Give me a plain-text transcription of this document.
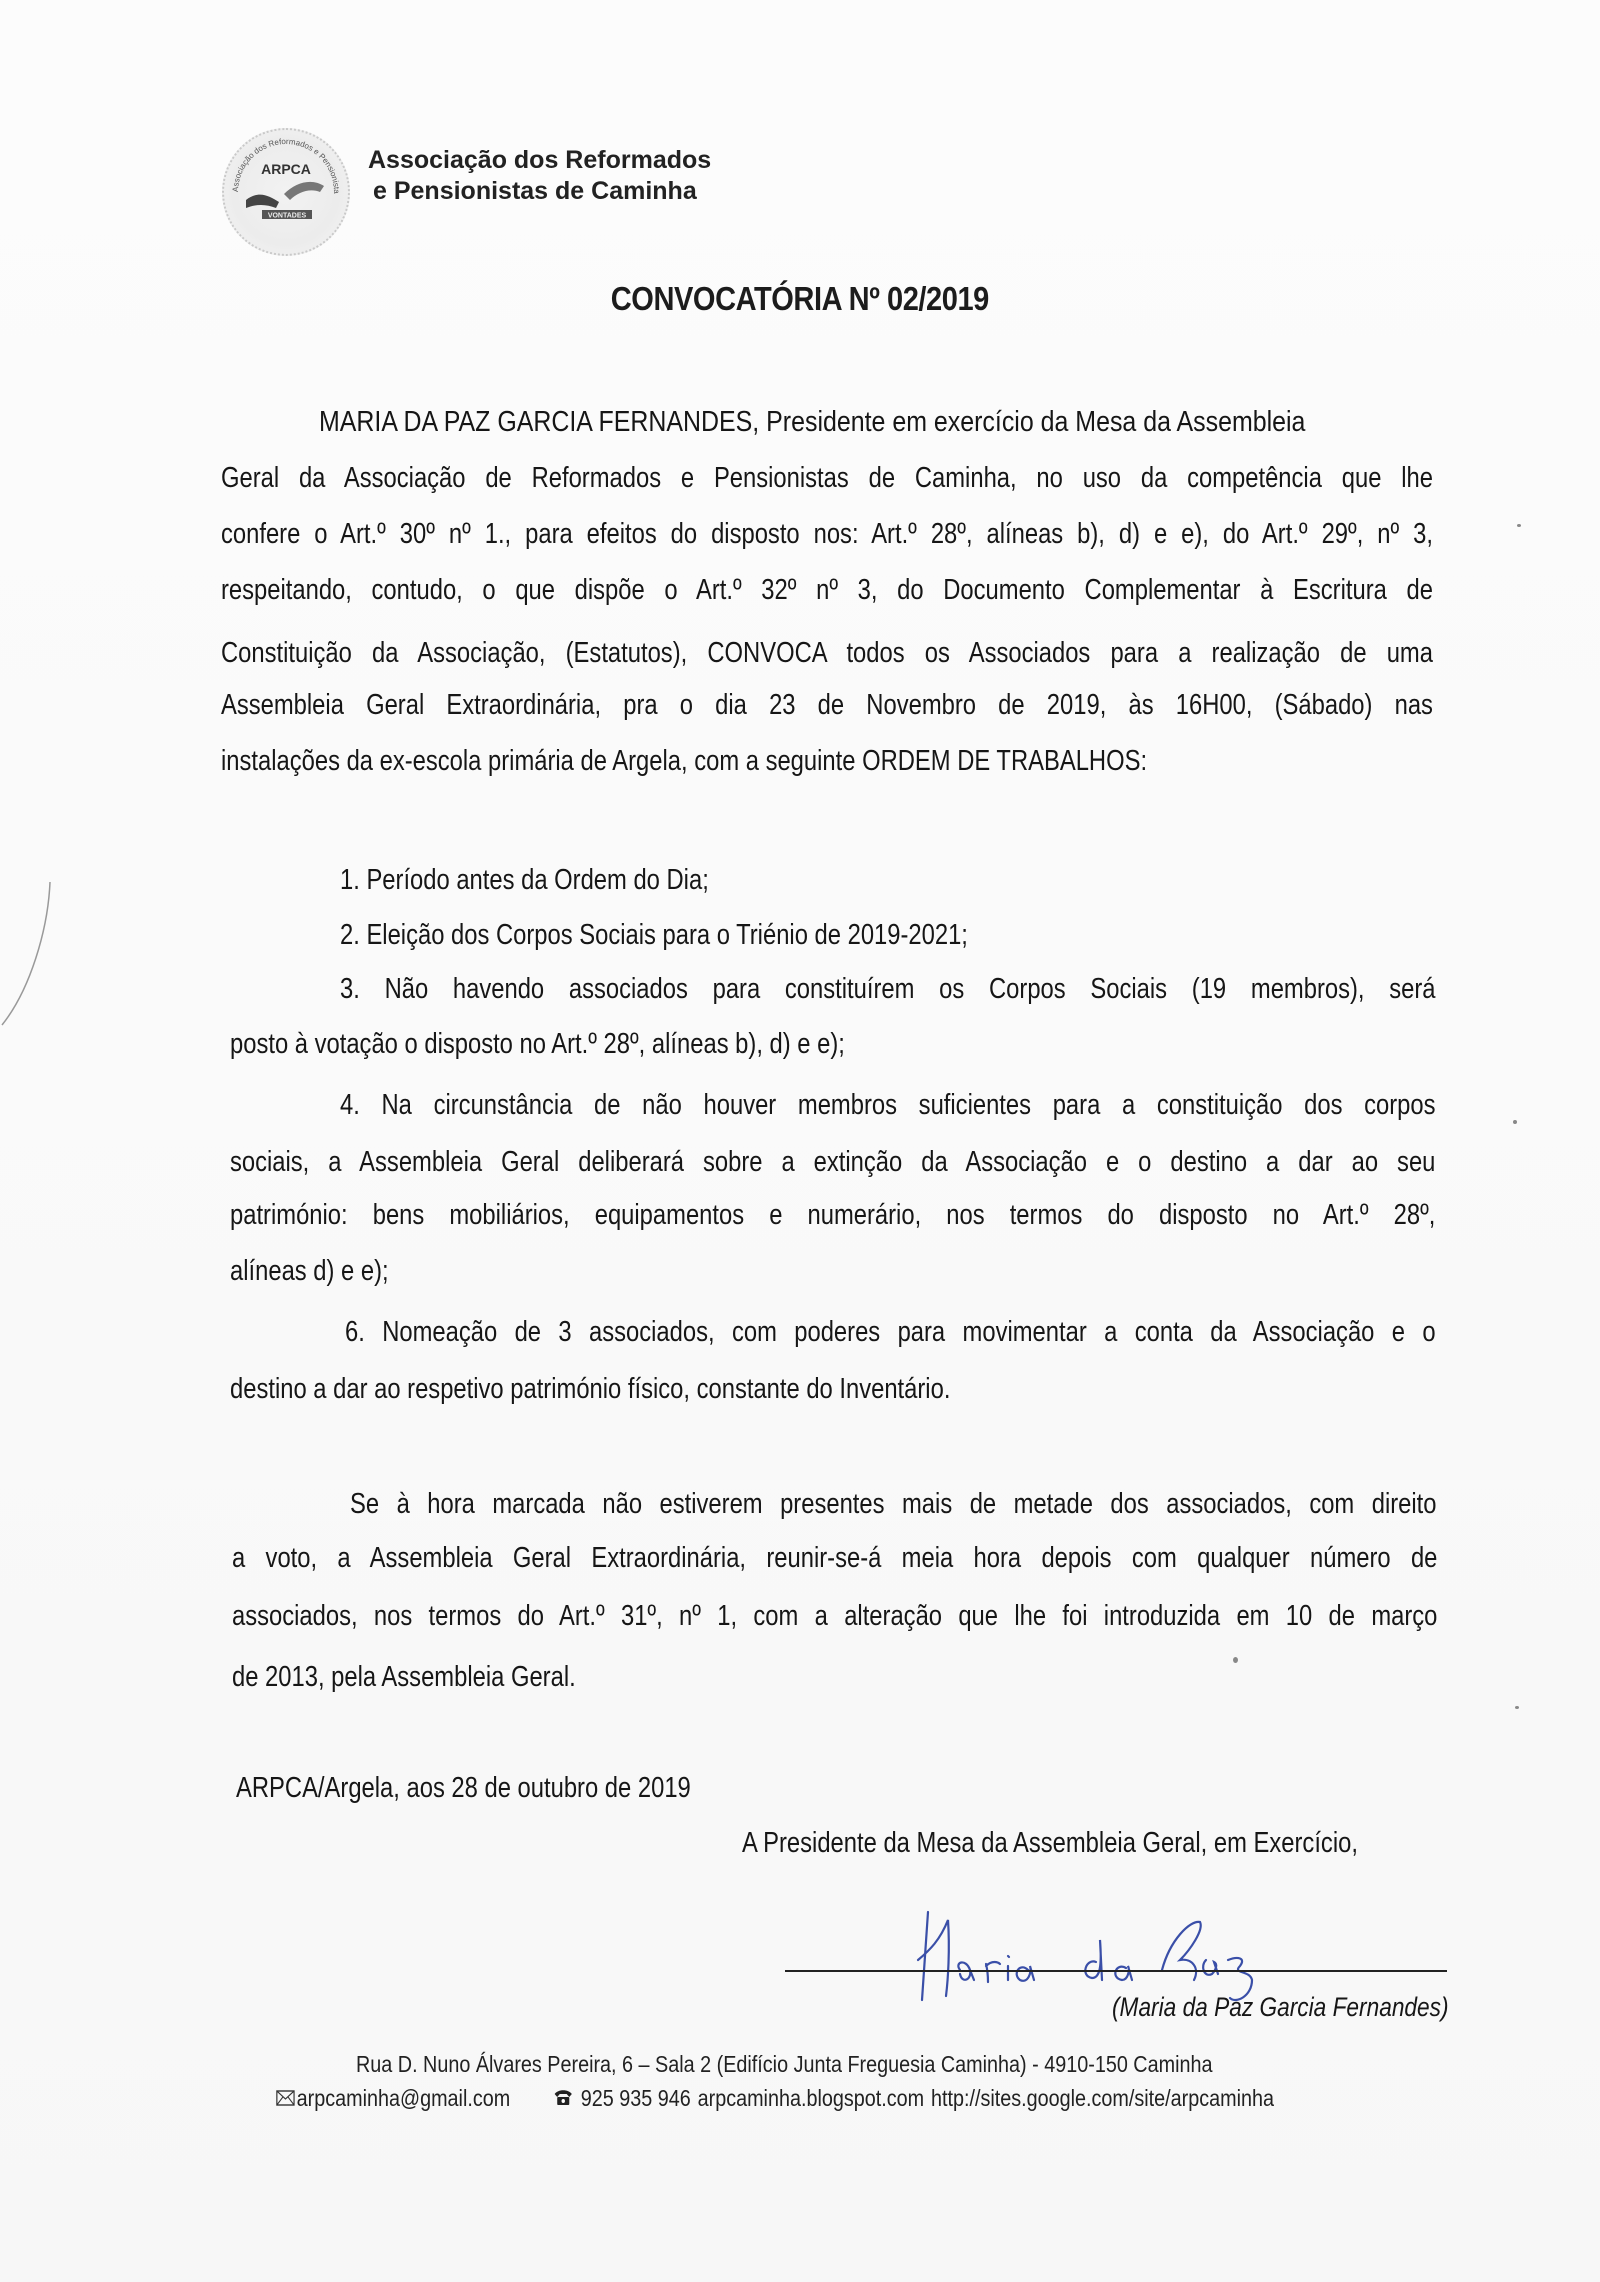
Associação dos Reformados e Pensionista
ARPCA
VONTADES
Associação dos Reformados
e Pensionistas de Caminha
CONVOCATÓRIA Nº 02/2019
MARIA DA PAZ GARCIA FERNANDES, Presidente em exercício da Mesa da Assembleia
Geral da Associação de Reformados e Pensionistas de Caminha, no uso da competência que lhe
confere o Art.º 30º nº 1., para efeitos do disposto nos: Art.º 28º, alíneas b), d) e e), do Art.º 29º, nº 3,
respeitando, contudo, o que dispõe o Art.º 32º nº 3, do Documento Complementar à Escritura de
Constituição da Associação, (Estatutos), CONVOCA todos os Associados para a realização de uma
Assembleia Geral Extraordinária, pra o dia 23 de Novembro de 2019, às 16H00, (Sábado) nas
instalações da ex-escola primária de Argela, com a seguinte ORDEM DE TRABALHOS:
1. Período antes da Ordem do Dia;
2. Eleição dos Corpos Sociais para o Triénio de 2019-2021;
3. Não havendo associados para constituírem os Corpos Sociais (19 membros), será
posto à votação o disposto no Art.º 28º, alíneas b), d) e e);
4. Na circunstância de não houver membros suficientes para a constituição dos corpos
sociais, a Assembleia Geral deliberará sobre a extinção da Associação e o destino a dar ao seu
património: bens mobiliários, equipamentos e numerário, nos termos do disposto no Art.º 28º,
alíneas d) e e);
6. Nomeação de 3 associados, com poderes para movimentar a conta da Associação e o
destino a dar ao respetivo património físico, constante do Inventário.
Se à hora marcada não estiverem presentes mais de metade dos associados, com direito
a voto, a Assembleia Geral Extraordinária, reunir-se-á meia hora depois com qualquer número de
associados, nos termos do Art.º 31º, nº 1, com a alteração que lhe foi introduzida em 10 de março
de 2013, pela Assembleia Geral.
ARPCA/Argela, aos 28 de outubro de 2019
A Presidente da Mesa da Assembleia Geral, em Exercício,
(Maria da Paz Garcia Fernandes)
Rua D. Nuno Álvares Pereira, 6 – Sala 2 (Edifício Junta Freguesia Caminha) - 4910-150 Caminha
arpcaminha@gmail.com	925 935 946 arpcaminha.blogspot.com http://sites.google.com/site/arpcaminha
